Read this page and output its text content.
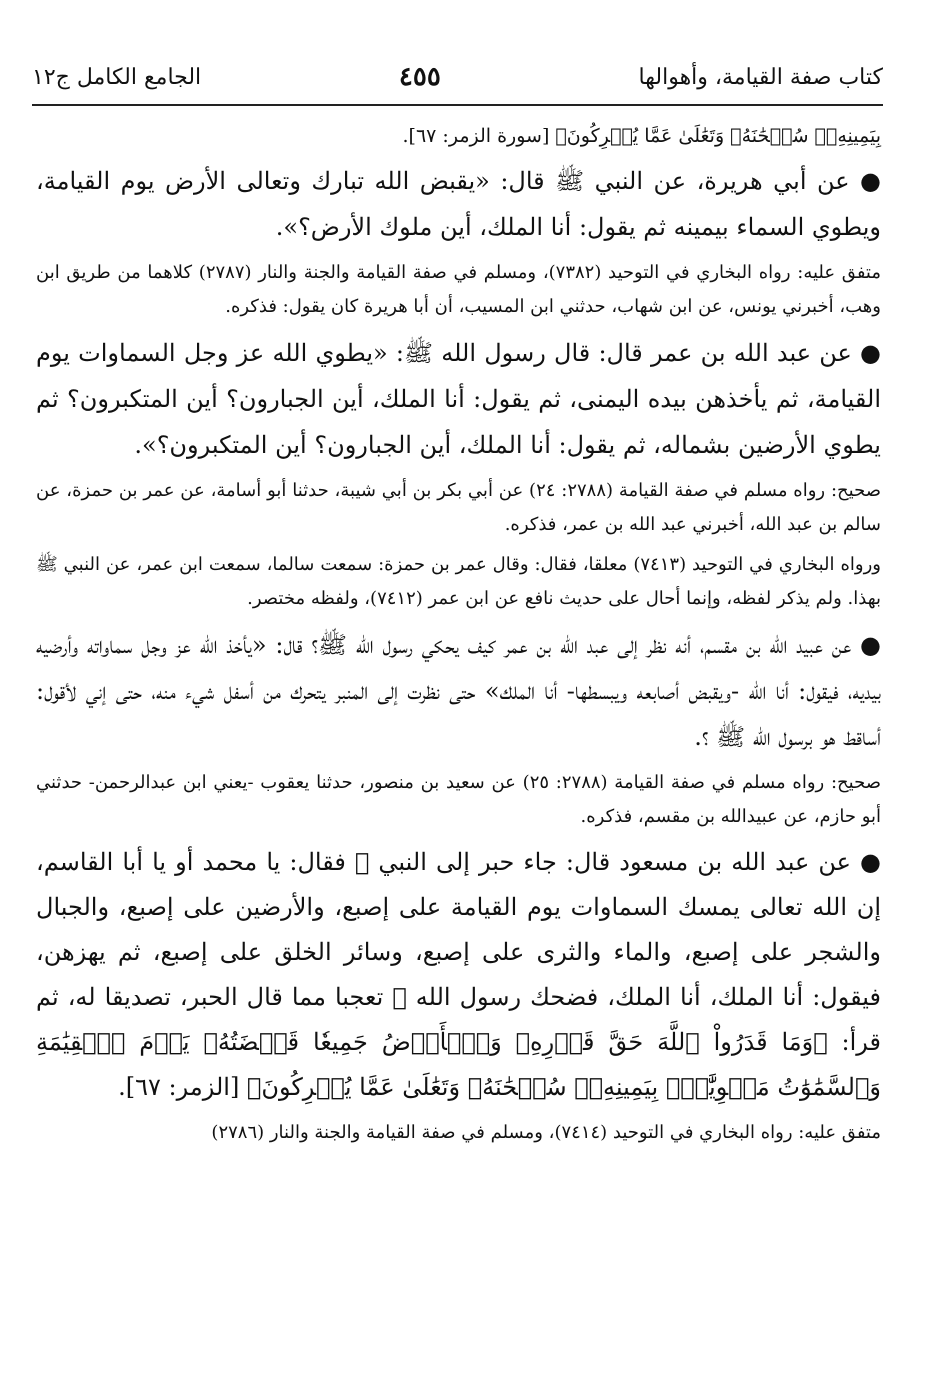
كتاب صفة القيامة، وأهوالها
٤٥٥
الجامع الكامل ج١٢

بِيَمِينِهِۦۚ سُبۡحَٰنَهُۥ وَتَعَٰلَىٰ عَمَّا يُشۡرِكُونَ﴾ [سورة الزمر: ٦٧].

● عن أبي هريرة، عن النبي ﷺ قال: «يقبض الله تبارك وتعالى الأرض يوم القيامة، ويطوي السماء بيمينه ثم يقول: أنا الملك، أين ملوك الأرض؟».

متفق عليه: رواه البخاري في التوحيد (٧٣٨٢)، ومسلم في صفة القيامة والجنة والنار (٢٧٨٧) كلاهما من طريق ابن وهب، أخبرني يونس، عن ابن شهاب، حدثني ابن المسيب، أن أبا هريرة كان يقول: فذكره.

● عن عبد الله بن عمر قال: قال رسول الله ﷺ: «يطوي الله عز وجل السماوات يوم القيامة، ثم يأخذهن بيده اليمنى، ثم يقول: أنا الملك، أين الجبارون؟ أين المتكبرون؟ ثم يطوي الأرضين بشماله، ثم يقول: أنا الملك، أين الجبارون؟ أين المتكبرون؟».

صحيح: رواه مسلم في صفة القيامة (٢٧٨٨: ٢٤) عن أبي بكر بن أبي شيبة، حدثنا أبو أسامة، عن عمر بن حمزة، عن سالم بن عبد الله، أخبرني عبد الله بن عمر، فذكره.

ورواه البخاري في التوحيد (٧٤١٣) معلقا، فقال: وقال عمر بن حمزة: سمعت سالما، سمعت ابن عمر، عن النبي ﷺ بهذا. ولم يذكر لفظه، وإنما أحال على حديث نافع عن ابن عمر (٧٤١٢)، ولفظه مختصر.

● عن عبيد الله بن مقسم، أنه نظر إلى عبد الله بن عمر كيف يحكي رسول الله ﷺ؟ قال: «يأخذ الله عز وجل سماواته وأرضيه بيديه، فيقول: أنا الله -ويقبض أصابعه ويبسطها- أنا الملك» حتى نظرت إلى المنبر يتحرك من أسفل شيء منه، حتى إني لأقول: أساقط هو برسول الله ﷺ ؟.

صحيح: رواه مسلم في صفة القيامة (٢٧٨٨: ٢٥) عن سعيد بن منصور، حدثنا يعقوب -يعني ابن عبدالرحمن- حدثني أبو حازم، عن عبيدالله بن مقسم، فذكره.

● عن عبد الله بن مسعود قال: جاء حبر إلى النبي ﷺ فقال: يا محمد أو يا أبا القاسم، إن الله تعالى يمسك السماوات يوم القيامة على إصبع، والأرضين على إصبع، والجبال والشجر على إصبع، والماء والثرى على إصبع، وسائر الخلق على إصبع، ثم يهزهن، فيقول: أنا الملك، أنا الملك، فضحك رسول الله ﷺ تعجبا مما قال الحبر، تصديقا له، ثم قرأ: ﴿وَمَا قَدَرُواْ ٱللَّهَ حَقَّ قَدۡرِهِۦ وَٱلۡأَرۡضُ جَمِيعٗا قَبۡضَتُهُۥ يَوۡمَ ٱلۡقِيَٰمَةِ وَٱلسَّمَٰوَٰتُ مَطۡوِيَّٰتُۢ بِيَمِينِهِۦۚ سُبۡحَٰنَهُۥ وَتَعَٰلَىٰ عَمَّا يُشۡرِكُونَ﴾ [الزمر: ٦٧].

متفق عليه: رواه البخاري في التوحيد (٧٤١٤)، ومسلم في صفة القيامة والجنة والنار (٢٧٨٦)
